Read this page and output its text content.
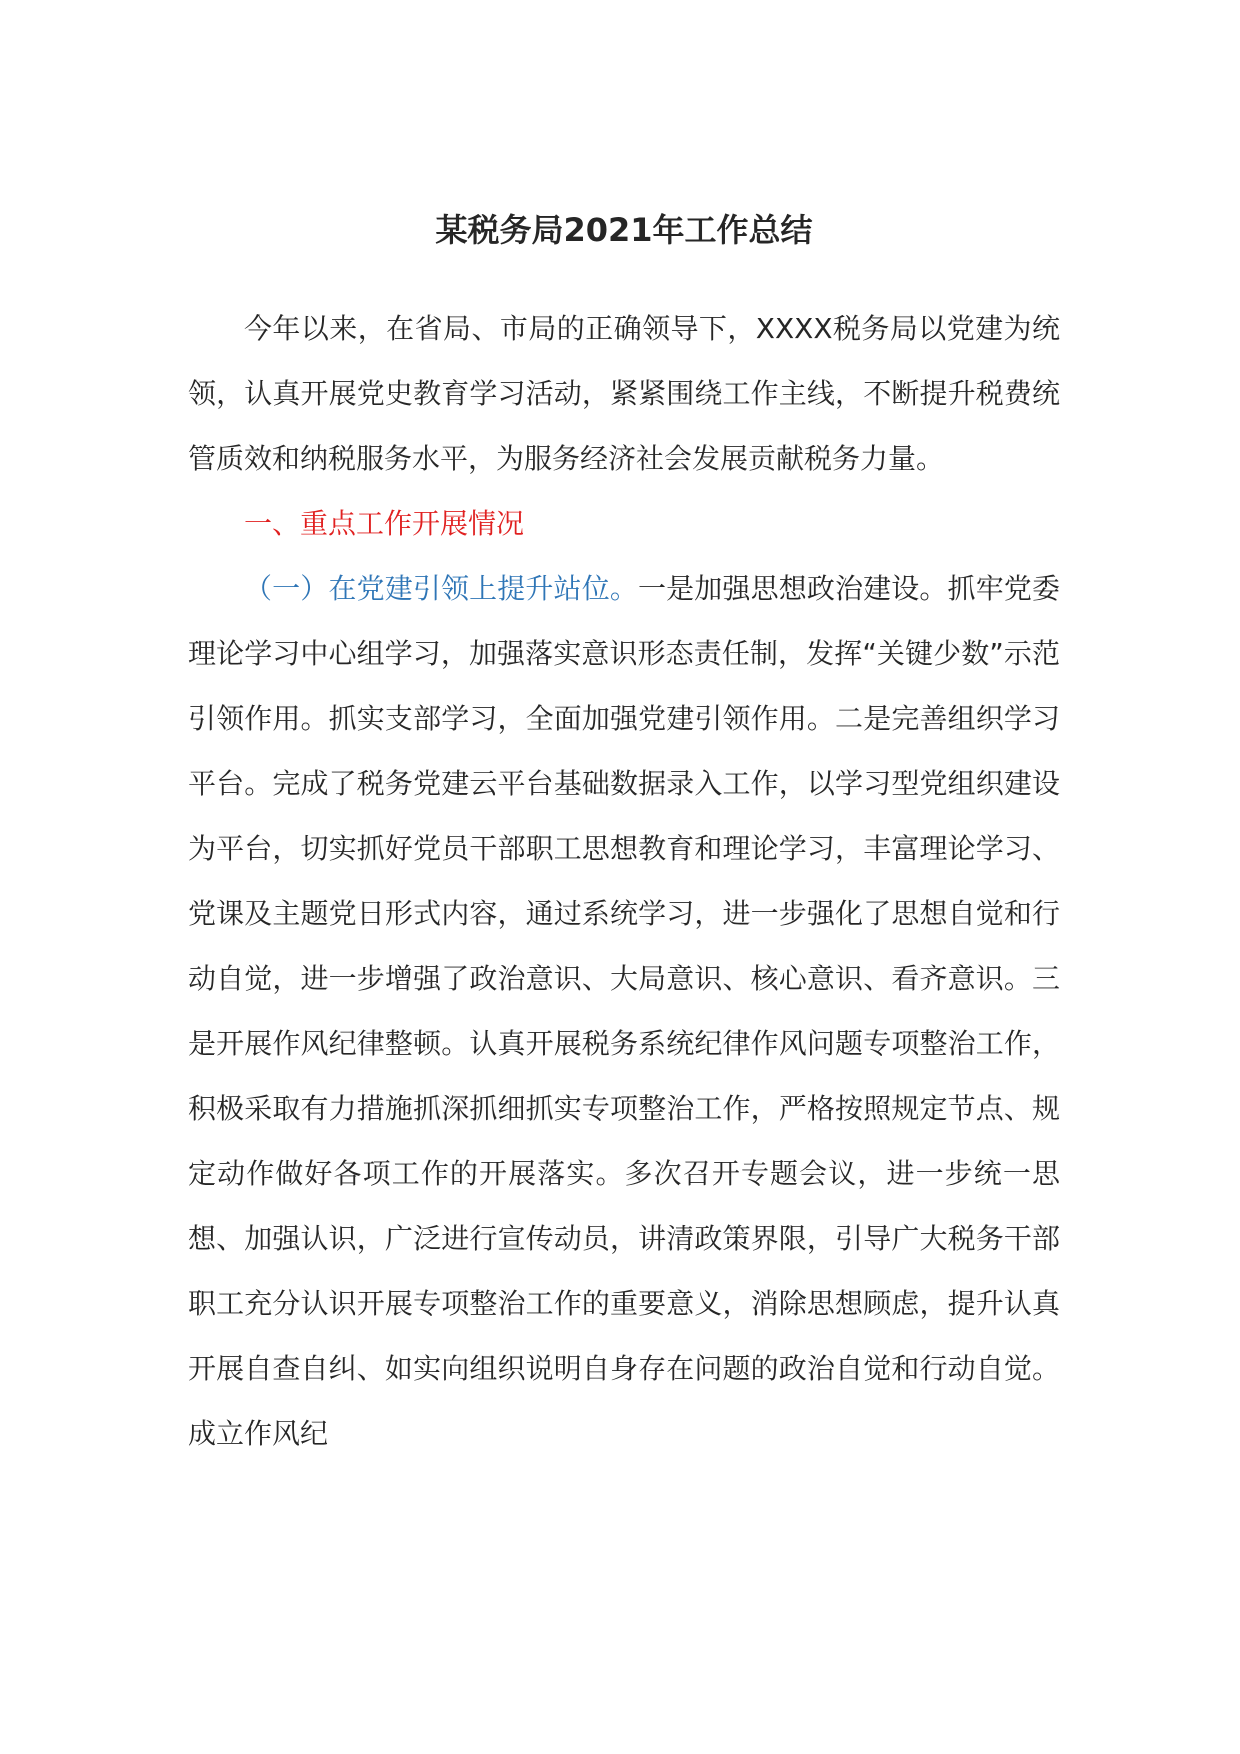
某税务局2021年工作总结

今年以来，在省局、市局的正确领导下，XXXX税务局以党建为统领，认真开展党史教育学习活动，紧紧围绕工作主线，不断提升税费统管质效和纳税服务水平，为服务经济社会发展贡献税务力量。

一、重点工作开展情况

（一）在党建引领上提升站位。一是加强思想政治建设。抓牢党委理论学习中心组学习，加强落实意识形态责任制，发挥“关键少数”示范引领作用。抓实支部学习，全面加强党建引领作用。二是完善组织学习平台。完成了税务党建云平台基础数据录入工作，以学习型党组织建设为平台，切实抓好党员干部职工思想教育和理论学习，丰富理论学习、党课及主题党日形式内容，通过系统学习，进一步强化了思想自觉和行动自觉，进一步增强了政治意识、大局意识、核心意识、看齐意识。三是开展作风纪律整顿。认真开展税务系统纪律作风问题专项整治工作，积极采取有力措施抓深抓细抓实专项整治工作，严格按照规定节点、规定动作做好各项工作的开展落实。多次召开专题会议，进一步统一思想、加强认识，广泛进行宣传动员，讲清政策界限，引导广大税务干部职工充分认识开展专项整治工作的重要意义，消除思想顾虑，提升认真开展自查自纠、如实向组织说明自身存在问题的政治自觉和行动自觉。成立作风纪
